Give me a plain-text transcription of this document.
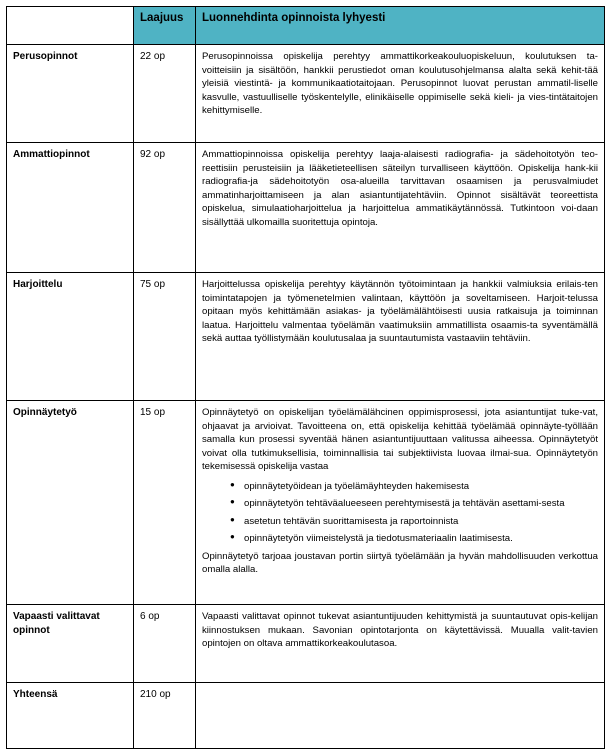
	Laajuus	Luonnehdinta opinnoista lyhyesti
Perusopinnot	22 op	Perusopinnoissa opiskelija perehtyy ammattikorkeakouluopiskeluun, koulutuksen ta-voitteisiin ja sisältöön, hankkii perustiedot oman koulutusohjelmansa alalta sekä kehit-tää yleisiä viestintä- ja kommunikaatiotaitojaan. Perusopinnot luovat perustan ammatil-liselle kasvulle, vastuulliselle työskentelylle, elinikäiselle oppimiselle sekä kieli- ja vies-tintätaitojen kehittymiselle.

Ammattiopinnot	92 op	Ammattiopinnoissa opiskelija perehtyy laaja-alaisesti radiografia- ja sädehoitotyön teo-reettisiin perusteisiin ja lääketieteellisen säteilyn turvalliseen käyttöön. Opiskelija hank-kii radiografia-ja sädehoitotyön osa-alueilla tarvittavan osaamisen ja perusvalmiudet ammatinharjoittamiseen ja alan asiantuntijatehtäviin. Opinnot sisältävät teoreettista opiskelua, simulaatioharjoittelua ja harjoittelua ammatikäytännössä. Tutkintoon voi-daan sisällyttää ulkomailla suoritettuja opintoja.

Harjoittelu	75 op	Harjoittelussa opiskelija perehtyy käytännön työtoimintaan ja hankkii valmiuksia erilais-ten toimintatapojen ja työmenetelmien valintaan, käyttöön ja soveltamiseen. Harjoit-telussa opitaan myös kehittämään asiakas- ja työelämälähtöisesti uusia ratkaisuja ja toiminnan laatua. Harjoittelu valmentaa työelämän vaatimuksiin ammatillista osaamis-ta syventämällä sekä auttaa työllistymään koulutusalaa ja suuntautumista vastaaviin tehtäviin.

Opinnäytetyö	15 op	Opinnäytetyö on opiskelijan työelämälähcinen oppimisprosessi, jota asiantuntijat tuke-vat, ohjaavat ja arvioivat. Tavoitteena on, että opiskelija kehittää työelämää opinnäyte-työllään samalla kun prosessi syventää hänen asiantuntijuuttaan valitussa aiheessa. Opinnäytetyöt voivat olla tutkimuksellisia, toiminnallisia tai subjektiivista luovaa ilmai-sua. Opinnäytetyön tekemisessä opiskelija vastaa

● opinnäytetyöidean ja työelämäyhteyden hakemisesta
● opinnäytetyön tehtäväalueeseen perehtymisestä ja tehtävän asettami-sesta
● asetetun tehtävän suorittamisesta ja raportoinnista
● opinnäytetyön viimeistelystä ja tiedotusmateriaalin laatimisesta.

Opinnäytetyö tarjoaa joustavan portin siirtyä työelämään ja hyvän mahdollisuuden verkottua omalla alalla.

Vapaasti valittavat opinnot	6 op	Vapaasti valittavat opinnot tukevat asiantuntijuuden kehittymistä ja suuntautuvat opis-kelijan kiinnostuksen mukaan. Savonian opintotarjonta on käytettävissä. Muualla valit-tavien opintojen on oltava ammattikorkeakoulutasoa.

Yhteensä	210 op	
